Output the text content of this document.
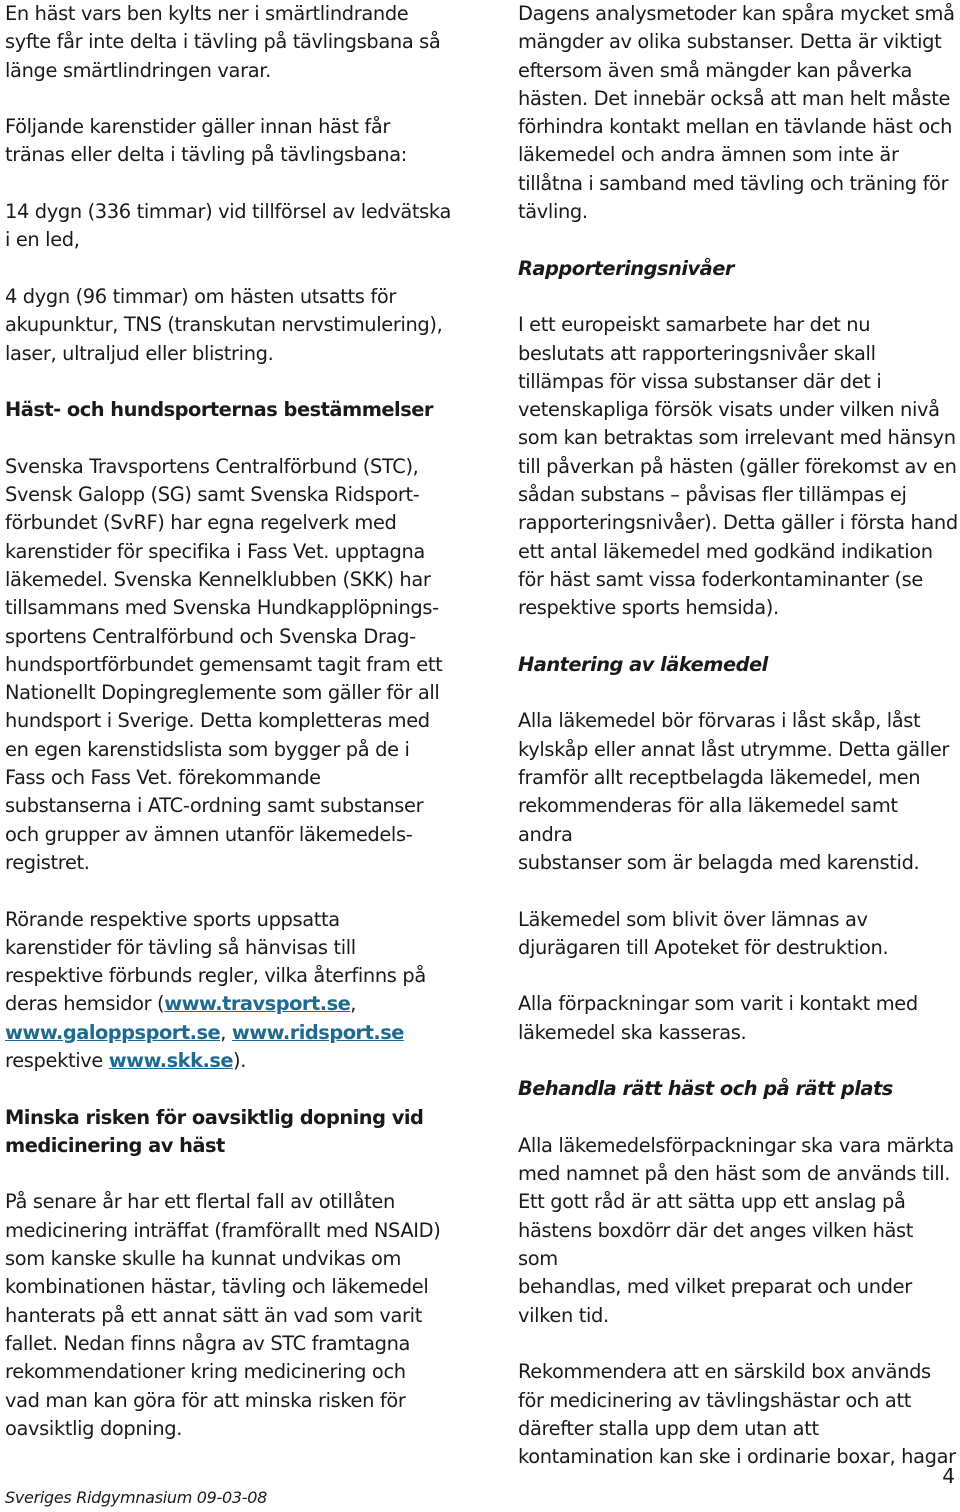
En häst vars ben kylts ner i smärtlindrande
syfte får inte delta i tävling på tävlingsbana så
länge smärtlindringen varar.

Följande karenstider gäller innan häst får
tränas eller delta i tävling på tävlingsbana:

14 dygn (336 timmar) vid tillförsel av ledvätska
i en led,

4 dygn (96 timmar) om hästen utsatts för
akupunktur, TNS (transkutan nervstimulering),
laser, ultraljud eller blistring.

Häst- och hundsporternas bestämmelser

Svenska Travsportens Centralförbund (STC),
Svensk Galopp (SG) samt Svenska Ridsport-
förbundet (SvRF) har egna regelverk med
karenstider för specifika i Fass Vet. upptagna
läkemedel. Svenska Kennelklubben (SKK) har
tillsammans med Svenska Hundkapplöpnings-
sportens Centralförbund och Svenska Drag-
hundsportförbundet gemensamt tagit fram ett
Nationellt Dopingreglemente som gäller för all
hundsport i Sverige. Detta kompletteras med
en egen karenstidslista som bygger på de i
Fass och Fass Vet. förekommande
substanserna i ATC-ordning samt substanser
och grupper av ämnen utanför läkemedels-
registret.

Rörande respektive sports uppsatta
karenstider för tävling så hänvisas till
respektive förbunds regler, vilka återfinns på
deras hemsidor (www.travsport.se,
www.galoppsport.se, www.ridsport.se
respektive www.skk.se).

Minska risken för oavsiktlig dopning vid
medicinering av häst

På senare år har ett flertal fall av otillåten
medicinering inträffat (framförallt med NSAID)
som kanske skulle ha kunnat undvikas om
kombinationen hästar, tävling och läkemedel
hanterats på ett annat sätt än vad som varit
fallet. Nedan finns några av STC framtagna
rekommendationer kring medicinering och
vad man kan göra för att minska risken för
oavsiktlig dopning.

Dagens analysmetoder kan spåra mycket små
mängder av olika substanser. Detta är viktigt
eftersom även små mängder kan påverka
hästen. Det innebär också att man helt måste
förhindra kontakt mellan en tävlande häst och
läkemedel och andra ämnen som inte är
tillåtna i samband med tävling och träning för
tävling.

Rapporteringsnivåer

I ett europeiskt samarbete har det nu
beslutats att rapporteringsnivåer skall
tillämpas för vissa substanser där det i
vetenskapliga försök visats under vilken nivå
som kan betraktas som irrelevant med hänsyn
till påverkan på hästen (gäller förekomst av en
sådan substans – påvisas fler tillämpas ej
rapporteringsnivåer). Detta gäller i första hand
ett antal läkemedel med godkänd indikation
för häst samt vissa foderkontaminanter (se
respektive sports hemsida).

Hantering av läkemedel

Alla läkemedel bör förvaras i låst skåp, låst
kylskåp eller annat låst utrymme. Detta gäller
framför allt receptbelagda läkemedel, men
rekommenderas för alla läkemedel samt andra
substanser som är belagda med karenstid.

Läkemedel som blivit över lämnas av
djurägaren till Apoteket för destruktion.

Alla förpackningar som varit i kontakt med
läkemedel ska kasseras.

Behandla rätt häst och på rätt plats

Alla läkemedelsförpackningar ska vara märkta
med namnet på den häst som de används till.
Ett gott råd är att sätta upp ett anslag på
hästens boxdörr där det anges vilken häst som
behandlas, med vilket preparat och under
vilken tid.

Rekommendera att en särskild box används
för medicinering av tävlingshästar och att
därefter stalla upp dem utan att
kontamination kan ske i ordinarie boxar, hagar

4
Sveriges Ridgymnasium 09-03-08
